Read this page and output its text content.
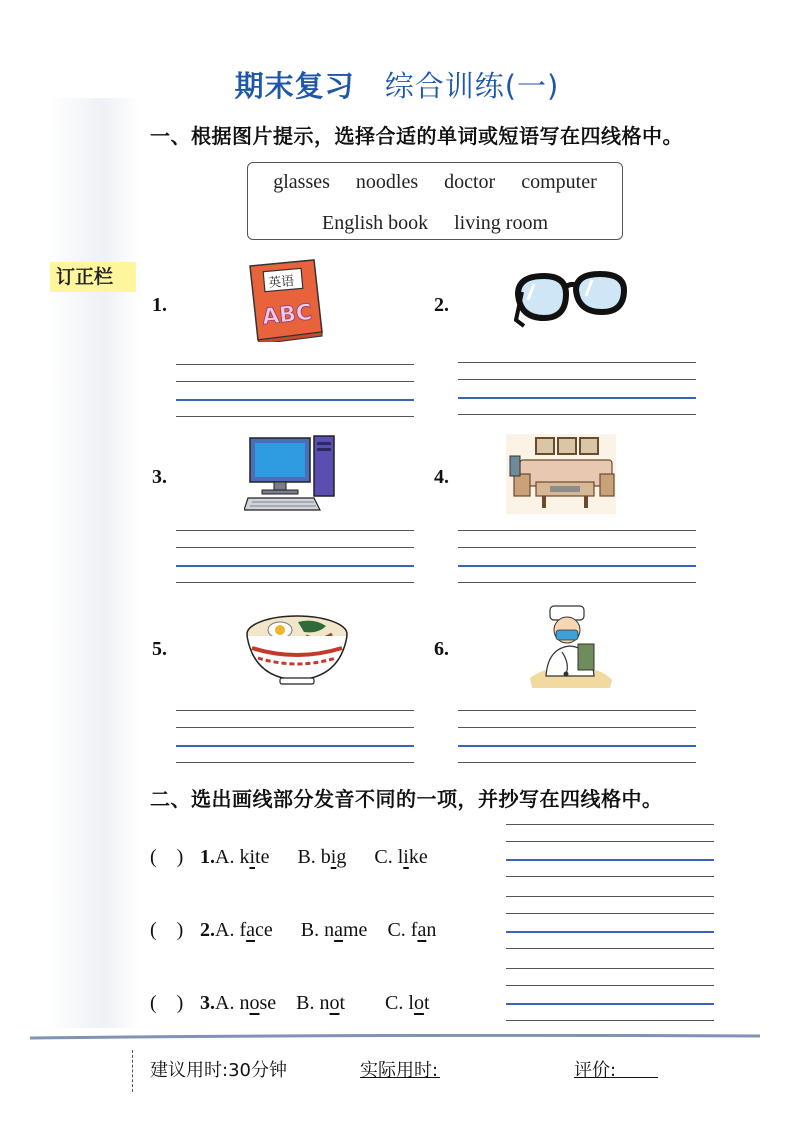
期末复习 综合训练(一)
订正栏
一、根据图片提示，选择合适的单词或短语写在四线格中。
glasses noodles doctor computer
English book living room
1.
英语
ABC	2.
3.	4.
5.	6.
二、选出画线部分发音不同的一项，并抄写在四线格中。
(　) 1. A. kite B. big C. like
(　) 2. A. face B. name C. fan
(　) 3. A. nose B. not C. lot
建议用时:30分钟	实际用时:
	评价:
